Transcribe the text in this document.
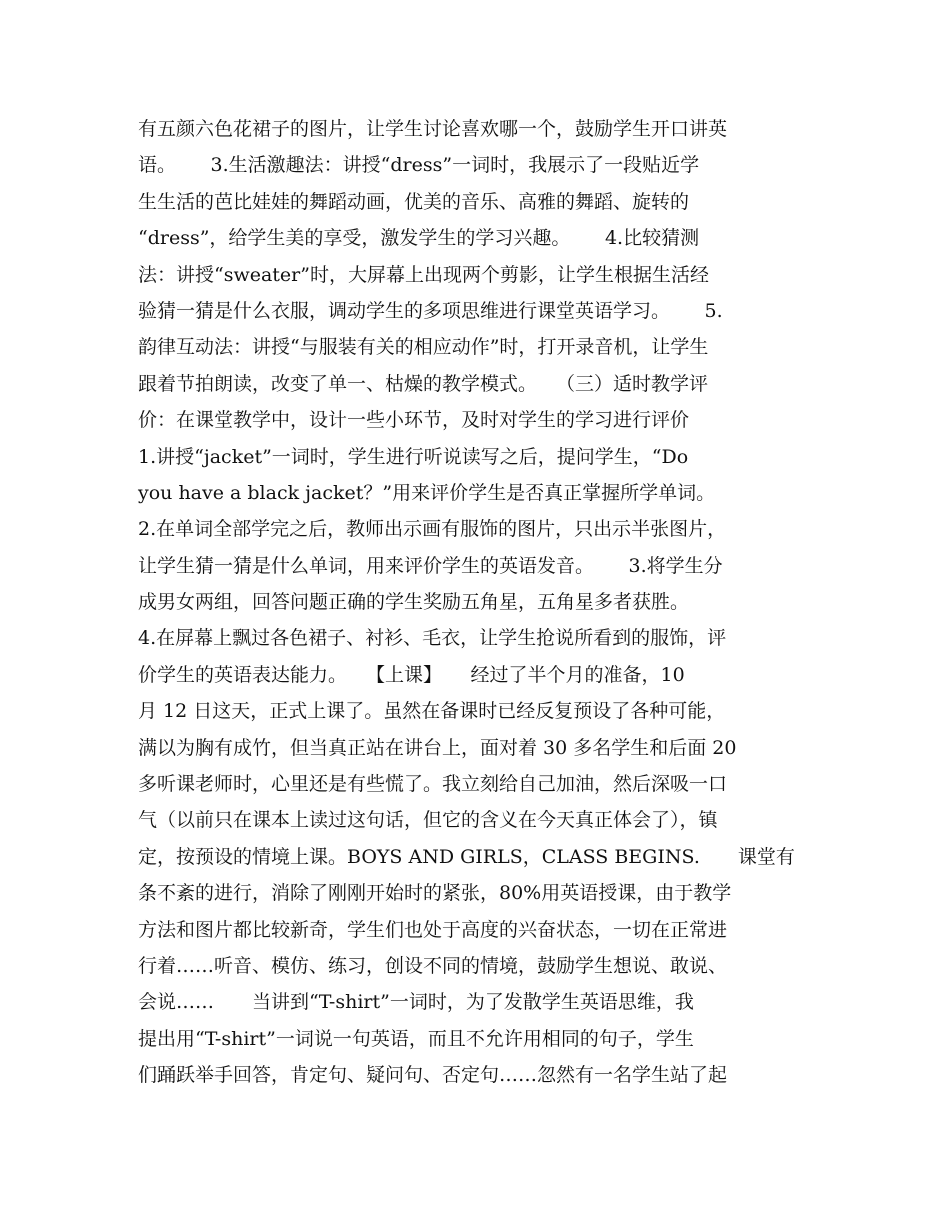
有五颜六色花裙子的图片，让学生讨论喜欢哪一个，鼓励学生开口讲英
语。　　 3.生活激趣法：讲授“dress”一词时，我展示了一段贴近学
生生活的芭比娃娃的舞蹈动画，优美的音乐、高雅的舞蹈、旋转的
“dress”，给学生美的享受，激发学生的学习兴趣。　　 4.比较猜测
法：讲授“sweater”时，大屏幕上出现两个剪影，让学生根据生活经
验猜一猜是什么衣服，调动学生的多项思维进行课堂英语学习。　　 5.
韵律互动法：讲授“与服装有关的相应动作”时，打开录音机，让学生
跟着节拍朗读，改变了单一、枯燥的教学模式。　　（三）适时教学评
价：在课堂教学中，设计一些小环节，及时对学生的学习进行评价
1.讲授“jacket”一词时，学生进行听说读写之后，提问学生，“Do
you have a black jacket？”用来评价学生是否真正掌握所学单词。
2.在单词全部学完之后，教师出示画有服饰的图片，只出示半张图片，
让学生猜一猜是什么单词，用来评价学生的英语发音。　　 3.将学生分
成男女两组，回答问题正确的学生奖励五角星，五角星多者获胜。
4.在屏幕上飘过各色裙子、衬衫、毛衣，让学生抢说所看到的服饰，评
价学生的英语表达能力。　　【上课】　　经过了半个月的准备，10
月 12 日这天，正式上课了。虽然在备课时已经反复预设了各种可能，
满以为胸有成竹，但当真正站在讲台上，面对着 30 多名学生和后面 20
多听课老师时，心里还是有些慌了。我立刻给自己加油，然后深吸一口
气（以前只在课本上读过这句话，但它的含义在今天真正体会了），镇
定，按预设的情境上课。BOYS AND GIRLS，CLASS BEGINS.　　课堂有
条不紊的进行，消除了刚刚开始时的紧张，80%用英语授课，由于教学
方法和图片都比较新奇，学生们也处于高度的兴奋状态，一切在正常进
行着……听音、模仿、练习，创设不同的情境，鼓励学生想说、敢说、
会说……　　当讲到“T-shirt”一词时，为了发散学生英语思维，我
提出用“T-shirt”一词说一句英语，而且不允许用相同的句子，学生
们踊跃举手回答，肯定句、疑问句、否定句……忽然有一名学生站了起
